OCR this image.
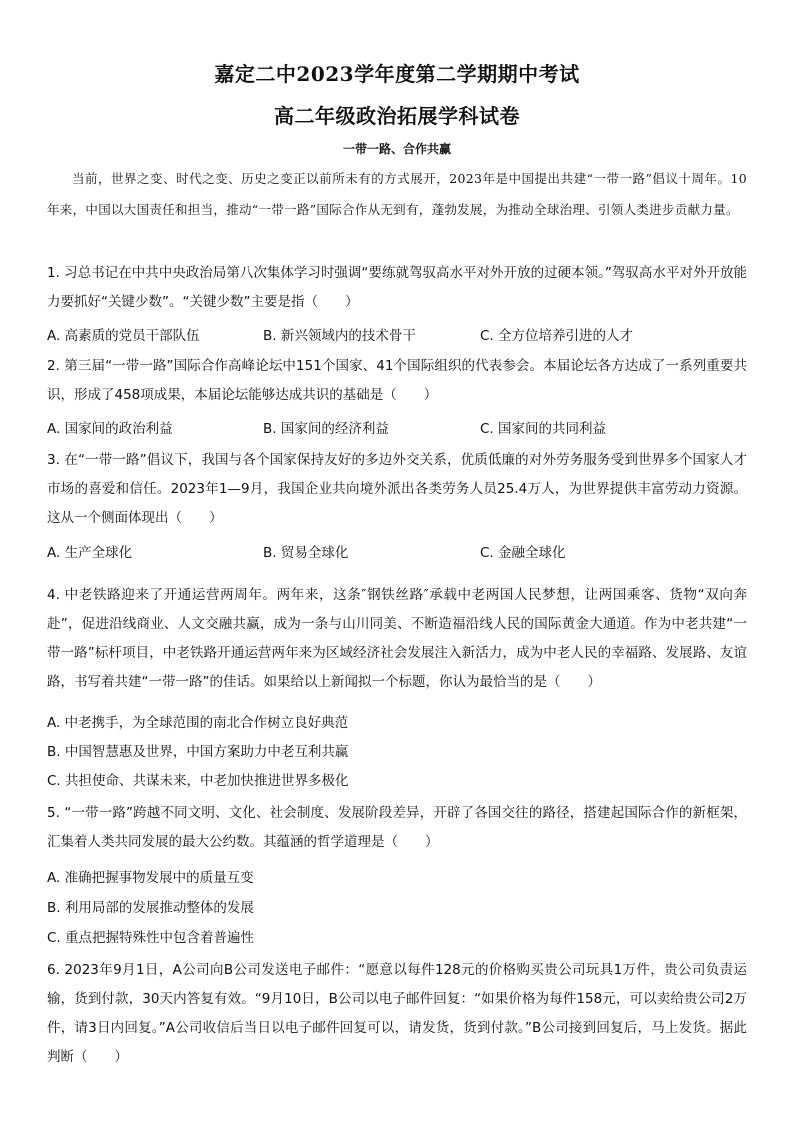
嘉定二中2023学年度第二学期期中考试
高二年级政治拓展学科试卷
一带一路、合作共赢
当前，世界之变、时代之变、历史之变正以前所未有的方式展开，2023年是中国提出共建“一带一路”倡议十周年。10年来，中国以大国责任和担当，推动“一带一路”国际合作从无到有，蓬勃发展，为推动全球治理、引领人类进步贡献力量。
1. 习总书记在中共中央政治局第八次集体学习时强调“要练就驾驭高水平对外开放的过硬本领。”驾驭高水平对外开放能力要抓好“关键少数”。“关键少数”主要是指（　　）
A. 高素质的党员干部队伍	B. 新兴领域内的技术骨干	C. 全方位培养引进的人才
2. 第三届“一带一路”国际合作高峰论坛中151个国家、41个国际组织的代表参会。本届论坛各方达成了一系列重要共识，形成了458项成果，本届论坛能够达成共识的基础是（　　）
A. 国家间的政治利益	B. 国家间的经济利益	C. 国家间的共同利益
3. 在“一带一路”倡议下，我国与各个国家保持友好的多边外交关系，优质低廉的对外劳务服务受到世界多个国家人才市场的喜爱和信任。2023年1—9月，我国企业共向境外派出各类劳务人员25.4万人，为世界提供丰富劳动力资源。这从一个侧面体现出（　　）
A. 生产全球化	B. 贸易全球化	C. 金融全球化
4. 中老铁路迎来了开通运营两周年。两年来，这条″钢铁丝路″承载中老两国人民梦想，让两国乘客、货物“双向奔赴”，促进沿线商业、人文交融共赢，成为一条与山川同美、不断造福沿线人民的国际黄金大通道。作为中老共建“一带一路”标杆项目，中老铁路开通运营两年来为区域经济社会发展注入新活力，成为中老人民的幸福路、发展路、友谊路，书写着共建“一带一路”的佳话。如果给以上新闻拟一个标题，你认为最恰当的是（　　）
A. 中老携手，为全球范围的南北合作树立良好典范
B. 中国智慧惠及世界，中国方案助力中老互利共赢
C. 共担使命、共谋未来，中老加快推进世界多极化
5. “一带一路”跨越不同文明、文化、社会制度、发展阶段差异，开辟了各国交往的路径，搭建起国际合作的新框架，汇集着人类共同发展的最大公约数。其蕴涵的哲学道理是（　　）
A. 准确把握事物发展中的质量互变
B. 利用局部的发展推动整体的发展
C. 重点把握特殊性中包含着普遍性
6. 2023年9月1日，A公司向B公司发送电子邮件：“愿意以每件128元的价格购买贵公司玩具1万件，贵公司负责运输，货到付款，30天内答复有效。“9月10日，B公司以电子邮件回复：“如果价格为每件158元，可以卖给贵公司2万件，请3日内回复。”A公司收信后当日以电子邮件回复可以，请发货，货到付款。”B公司接到回复后，马上发货。据此判断（　　）
